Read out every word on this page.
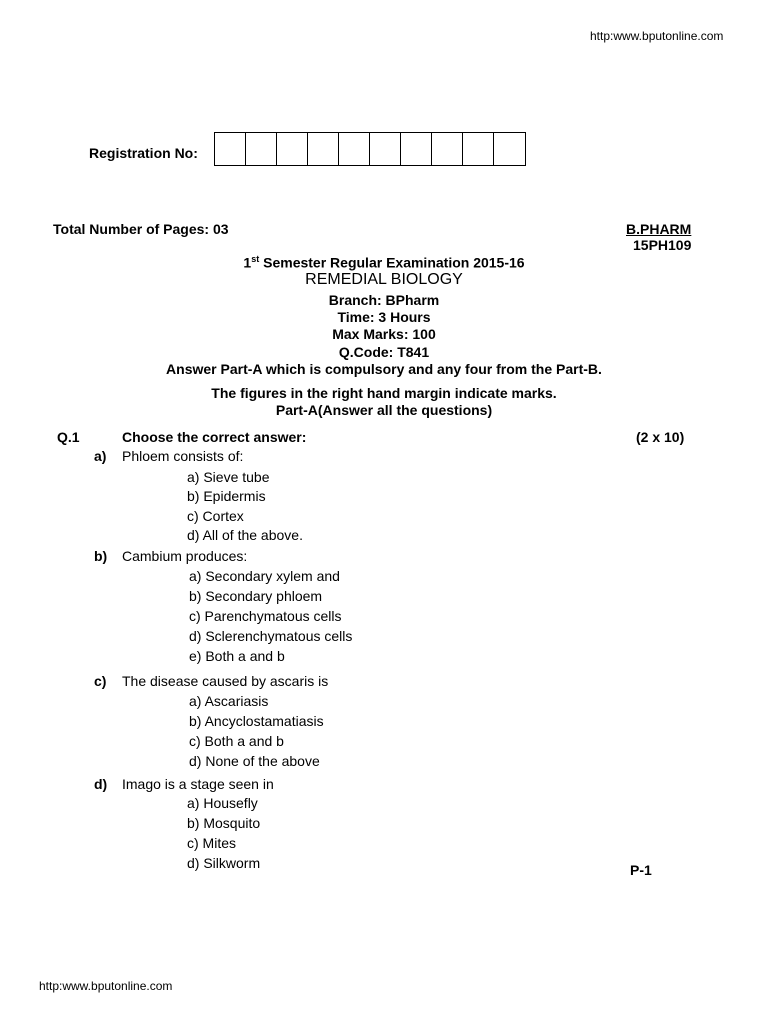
http:www.bputonline.com
Registration No:
Total Number of Pages: 03	B.PHARM
15PH109
1st Semester Regular Examination 2015-16
REMEDIAL BIOLOGY
Branch: BPharm
Time: 3 Hours
Max Marks: 100
Q.Code: T841
Answer Part-A which is compulsory and any four from the Part-B.
The figures in the right hand margin indicate marks.
Part-A(Answer all the questions)
Q.1	Choose the correct answer:	(2 x 10)
a) Phloem consists of:
a) Sieve tube
b) Epidermis
c) Cortex
d) All of the above.
b) Cambium produces:
a) Secondary xylem and
b) Secondary phloem
c) Parenchymatous cells
d) Sclerenchymatous cells
e) Both a and b
c) The disease caused by ascaris is
a) Ascariasis
b) Ancyclostamatiasis
c) Both a and b
d) None of the above
d) Imago is a stage seen in
a) Housefly
b) Mosquito
c) Mites
d) Silkworm	P-1
http:www.bputonline.com
